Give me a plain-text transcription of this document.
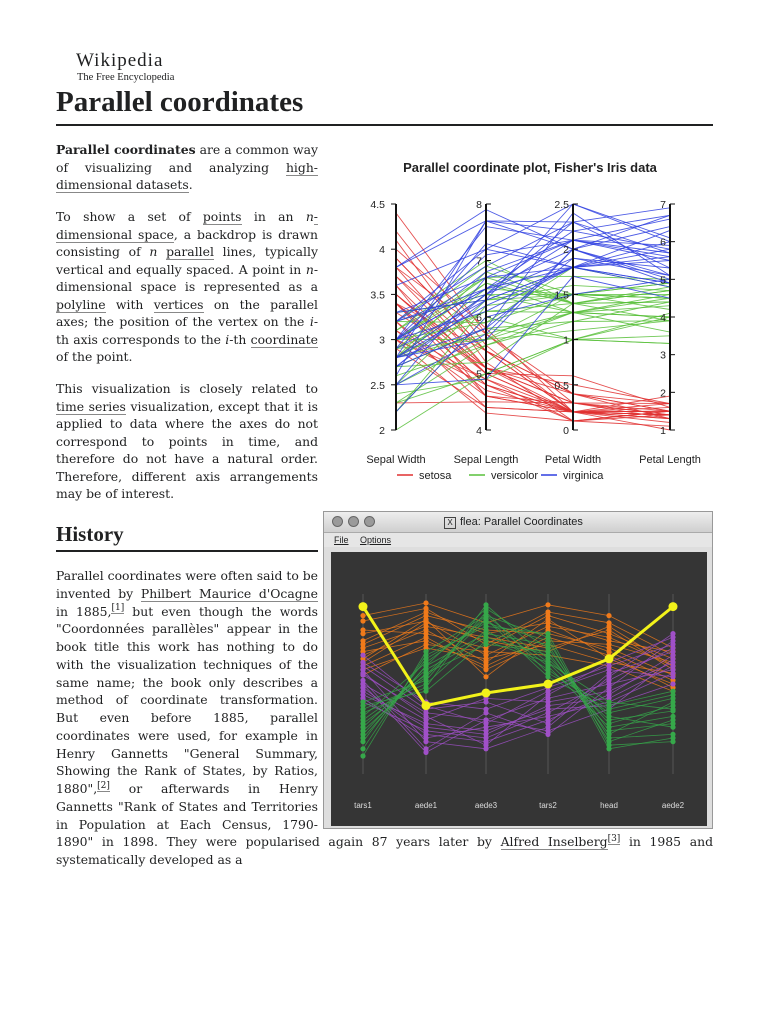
Wikipedia
The Free Encyclopedia
Parallel coordinates

Parallel coordinates are a common way of visualizing and analyzing high-dimensional datasets.

To show a set of points in an n-dimensional space, a backdrop is drawn consisting of n parallel lines, typically vertical and equally spaced. A point in n-dimensional space is represented as a polyline with vertices on the parallel axes; the position of the vertex on the i-th axis corresponds to the i-th coordinate of the point.

This visualization is closely related to time series visualization, except that it is applied to data where the axes do not correspond to points in time, and therefore do not have a natural order. Therefore, different axis arrangements may be of interest.

Parallel coordinate plot, Fisher's Iris data
2
2.5
3
3.5
4
4.5
Sepal Width
4
5
6
7
8
Sepal Length
0
0.5
1
1.5
2
2.5
Petal Width
1
2
3
4
5
6
7
Petal Length
setosa	versicolor virginica
History

Parallel coordinates were often said to be invented by Philbert Maurice d'Ocagne in 1885,[1] but even though the words "Coordonnées parallèles" appear in the book title this work has nothing to do with the visualization techniques of the same name; the book only describes a method of coordinate transformation. But even before 1885, parallel coordinates were used, for example in Henry Gannetts "General Summary, Showing the Rank of States, by Ratios, 1880",[2] or afterwards in Henry Gannetts "Rank of States and Territories in Population at Each Census, 1790-1890" in 1898. They were popularised again 87 years later by Alfred Inselberg[3] in 1985 and systematically developed as a

X flea: Parallel Coordinates
File Options
tars1	aede1	aede3	tars2	head	aede2
